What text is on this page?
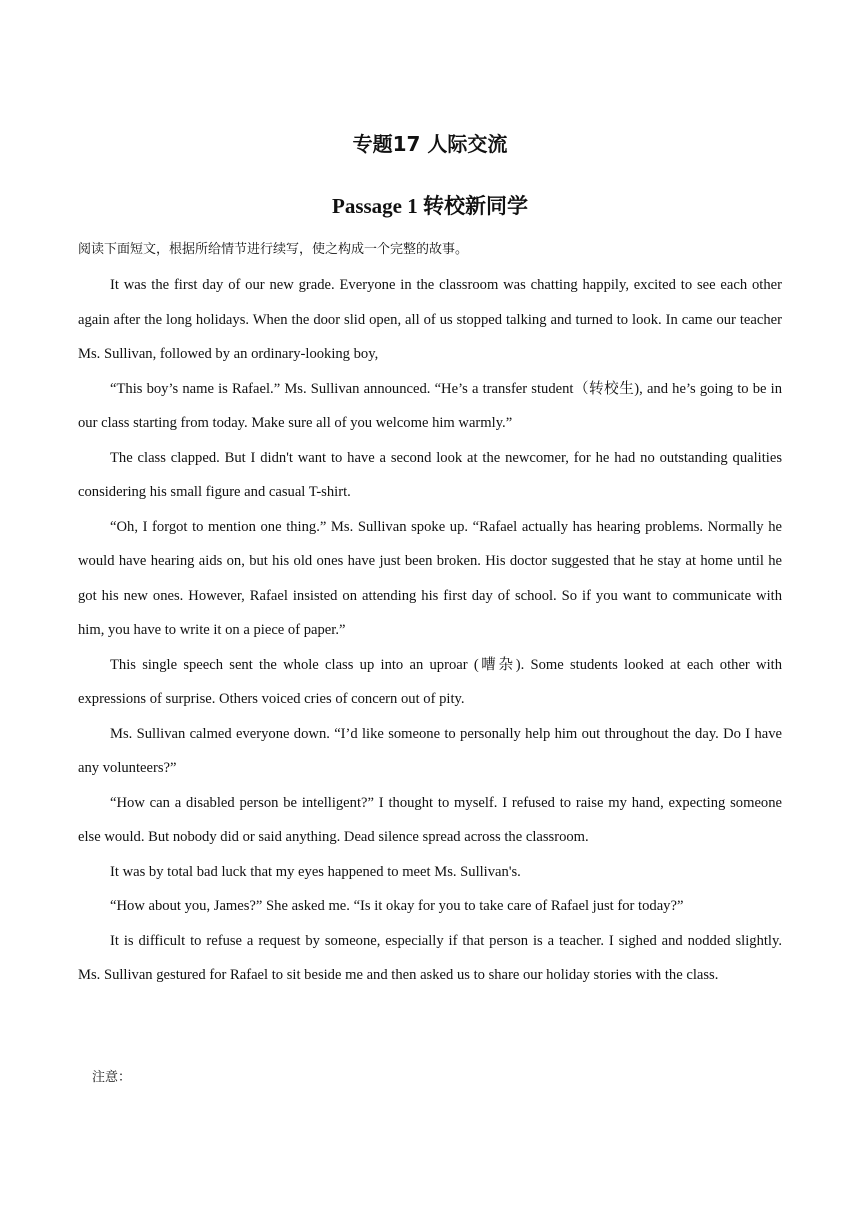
专题17 人际交流
Passage 1 转校新同学

阅读下面短文，根据所给情节进行续写，使之构成一个完整的故事。

It was the first day of our new grade. Everyone in the classroom was chatting happily, excited to see each other again after the long holidays. When the door slid open, all of us stopped talking and turned to look. In came our teacher Ms. Sullivan, followed by an ordinary-looking boy,

“This boy’s name is Rafael.” Ms. Sullivan announced. “He’s a transfer student（转校生), and he’s going to be in our class starting from today. Make sure all of you welcome him warmly.”

The class clapped. But I didn't want to have a second look at the newcomer, for he had no outstanding qualities considering his small figure and casual T-shirt.

“Oh, I forgot to mention one thing.” Ms. Sullivan spoke up. “Rafael actually has hearing problems. Normally he would have hearing aids on, but his old ones have just been broken. His doctor suggested that he stay at home until he got his new ones. However, Rafael insisted on attending his first day of school. So if you want to communicate with him, you have to write it on a piece of paper.”

This single speech sent the whole class up into an uproar (嘈杂). Some students looked at each other with expressions of surprise. Others voiced cries of concern out of pity.

Ms. Sullivan calmed everyone down. “I’d like someone to personally help him out throughout the day. Do I have any volunteers?”

“How can a disabled person be intelligent?” I thought to myself. I refused to raise my hand, expecting someone else would. But nobody did or said anything. Dead silence spread across the classroom.

It was by total bad luck that my eyes happened to meet Ms. Sullivan's.

“How about you, James?” She asked me. “Is it okay for you to take care of Rafael just for today?”

It is difficult to refuse a request by someone, especially if that person is a teacher. I sighed and nodded slightly. Ms. Sullivan gestured for Rafael to sit beside me and then asked us to share our holiday stories with the class.

注意：
